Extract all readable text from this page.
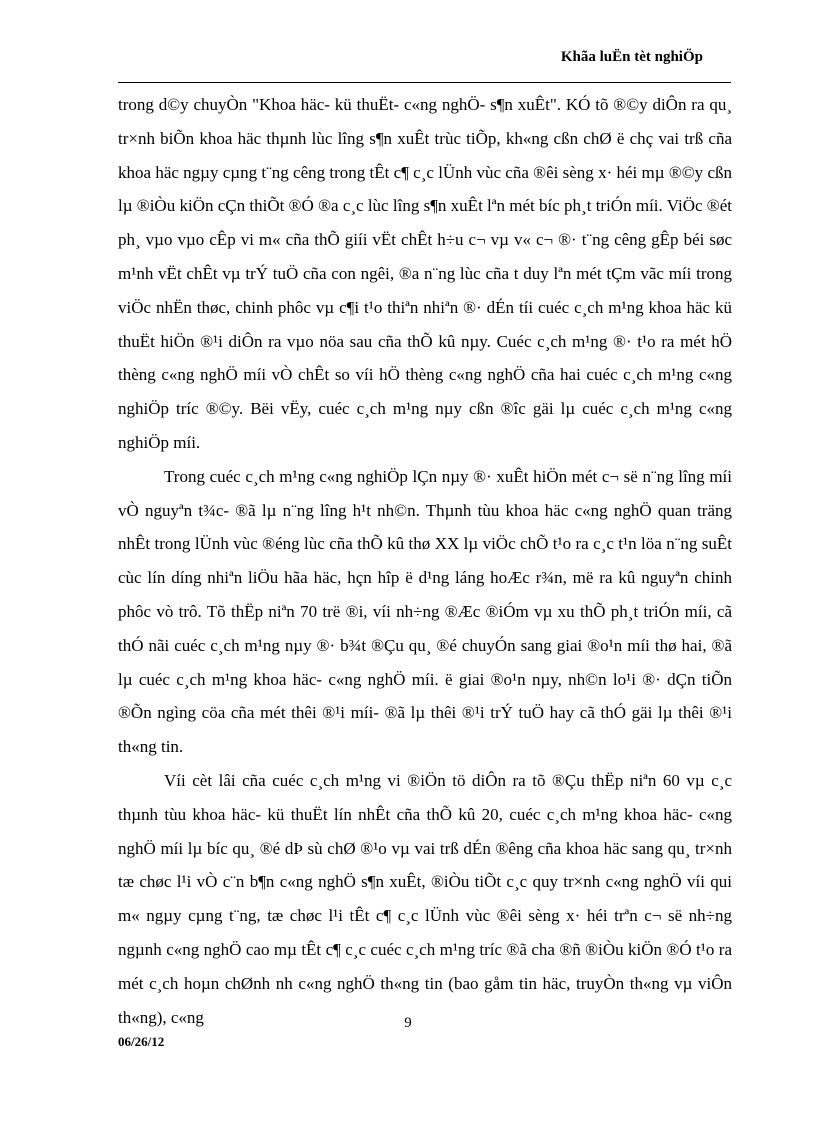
Khãa luËn tèt nghiÖp

trong d©y chuyÒn "Khoa häc- kü thuËt- c«ng nghÖ- s¶n xuÊt". KÓ tõ ®©y diÔn ra qu¸ tr×nh biÕn khoa häc thµnh lùc lîng s¶n xuÊt trùc tiÕp, kh«ng cßn chØ ë chç vai trß cña khoa häc ngµy cµng t¨ng cêng trong tÊt c¶ c¸c lÜnh vùc cña ®êi sèng x· héi mµ ®©y cßn lµ ®iÒu kiÖn cÇn thiÕt ®Ó ®a c¸c lùc lîng s¶n xuÊt lªn mét bíc ph¸t triÓn míi. ViÖc ®ét ph¸ vµo vµo cÊp vi m« cña thÕ giíi vËt chÊt h÷u c¬ vµ v« c¬ ®· t¨ng cêng gÊp béi søc m¹nh vËt chÊt vµ trÝ tuÖ cña con ngêi, ®a n¨ng lùc cña t duy lªn mét tÇm vãc míi trong viÖc nhËn thøc, chinh phôc vµ c¶i t¹o thiªn nhiªn ®· dÉn tíi cuéc c¸ch m¹ng khoa häc kü thuËt hiÖn ®¹i diÔn ra vµo nöa sau cña thÕ kû nµy. Cuéc c¸ch m¹ng ®· t¹o ra mét hÖ thèng c«ng nghÖ míi vÒ chÊt so víi hÖ thèng c«ng nghÖ cña hai cuéc c¸ch m¹ng c«ng nghiÖp tríc ®©y. Bëi vËy, cuéc c¸ch m¹ng nµy cßn ®îc gäi lµ cuéc c¸ch m¹ng c«ng nghiÖp míi.

Trong cuéc c¸ch m¹ng c«ng nghiÖp lÇn nµy ®· xuÊt hiÖn mét c¬ së n¨ng lîng míi vÒ nguyªn t¾c- ®ã lµ n¨ng lîng h¹t nh©n. Thµnh tùu khoa häc c«ng nghÖ quan träng nhÊt trong lÜnh vùc ®éng lùc cña thÕ kû thø XX lµ viÖc chÕ t¹o ra c¸c t¹n löa n¨ng suÊt cùc lín díng nhiªn liÖu hãa häc, hçn hîp ë d¹ng láng hoÆc r¾n, më ra kû nguyªn chinh phôc vò trô. Tõ thËp niªn 70 trë ®i, víi nh÷ng ®Æc ®iÓm vµ xu thÕ ph¸t triÓn míi, cã thÓ nãi cuéc c¸ch m¹ng nµy ®· b¾t ®Çu qu¸ ®é chuyÓn sang giai ®o¹n míi thø hai, ®ã lµ cuéc c¸ch m¹ng khoa häc- c«ng nghÖ míi. ë giai ®o¹n nµy, nh©n lo¹i ®· dÇn tiÕn ®Õn ngìng cöa cña mét thêi ®¹i míi- ®ã lµ thêi ®¹i trÝ tuÖ hay cã thÓ gäi lµ thêi ®¹i th«ng tin.

Víi cèt lâi cña cuéc c¸ch m¹ng vi ®iÖn tö diÔn ra tõ ®Çu thËp niªn 60 vµ c¸c thµnh tùu khoa häc- kü thuËt lín nhÊt cña thÕ kû 20, cuéc c¸ch m¹ng khoa häc- c«ng nghÖ míi lµ bíc qu¸ ®é dÞ sù chØ ®¹o vµ vai trß dÉn ®êng cña khoa häc sang qu¸ tr×nh tæ chøc l¹i vÒ c¨n b¶n c«ng nghÖ s¶n xuÊt, ®iÒu tiÕt c¸c quy tr×nh c«ng nghÖ víi qui m« ngµy cµng t¨ng, tæ chøc l¹i tÊt c¶ c¸c lÜnh vùc ®êi sèng x· héi trªn c¬ së nh÷ng ngµnh c«ng nghÖ cao mµ tÊt c¶ c¸c cuéc c¸ch m¹ng tríc ®ã cha ®ñ ®iÒu kiÖn ®Ó t¹o ra mét c¸ch hoµn chØnh nh c«ng nghÖ th«ng tin (bao gåm tin häc, truyÒn th«ng vµ viÔn th«ng), c«ng	9
06/26/12
